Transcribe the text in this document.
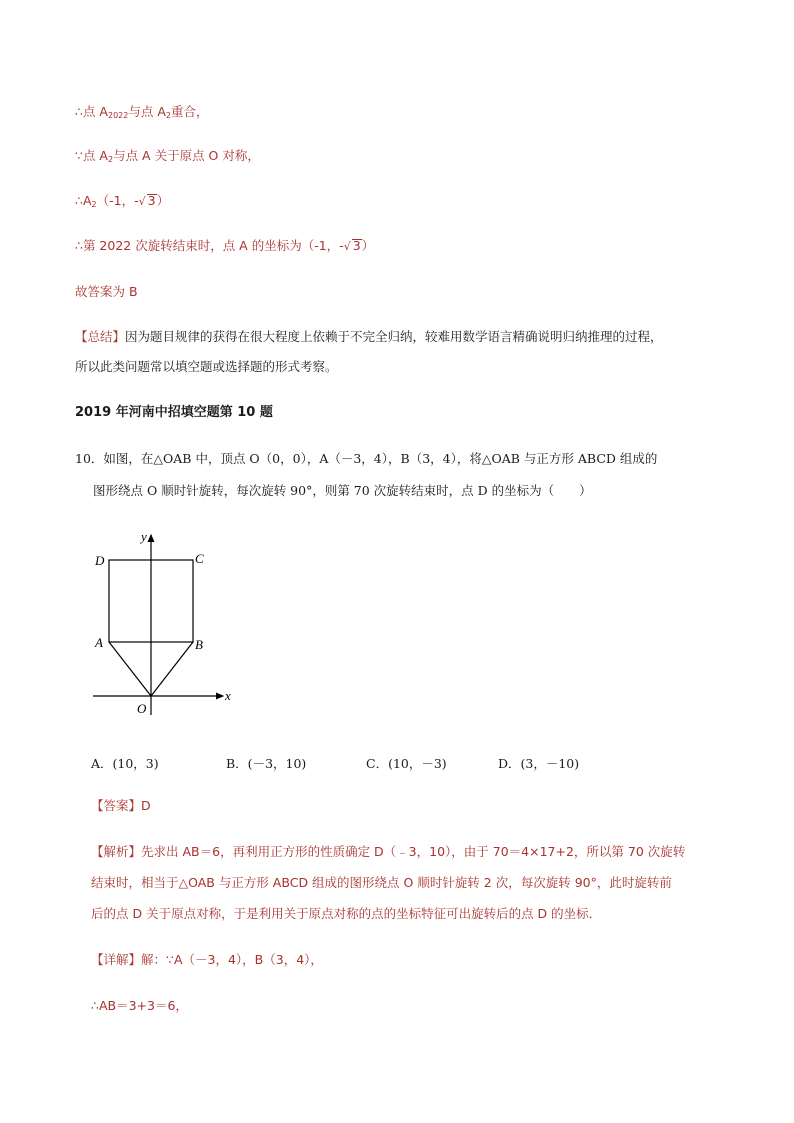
∴点 $A_{2022}$与点 $A_2$重合，
∵点 $A_2$与点 A 关于原点 O 对称，
$\therefore A_2(-1$，-√ 3）
∴第 2022 次旋转结束时，点 A 的坐标为（-1，-√ 3）
故答案为 B
【总结】因为题目规律的获得在很大程度上依赖于不完全归纳，较难用数学语言精确说明归纳推理的过程，
所以此类问题常以填空题或选择题的形式考察。
2019 年河南中招填空题第 10 题
10．如图，在△OAB 中，顶点 O（0，0），A（－3，4），B（3，4），将△OAB 与正方形 ABCD 组成的
图形绕点 O 顺时针旋转，每次旋转 90°，则第 70 次旋转结束时，点 D 的坐标为（　　）
y
x
D	C
A	B
O
A．(10，3)	B．(－3，10)	C．(10，－3)	D．(3，－10)
【答案】D
【解析】先求出 AB＝6，再利用正方形的性质确定 D（﹣3，10），由于 70＝4×17+2，所以第 70 次旋转
结束时，相当于△OAB 与正方形 ABCD 组成的图形绕点 O 顺时针旋转 2 次，每次旋转 90°，此时旋转前
后的点 D 关于原点对称，于是利用关于原点对称的点的坐标特征可出旋转后的点 D 的坐标．
【详解】解：∵A（－3，4），B（3，4），
∴AB＝3+3＝6，
